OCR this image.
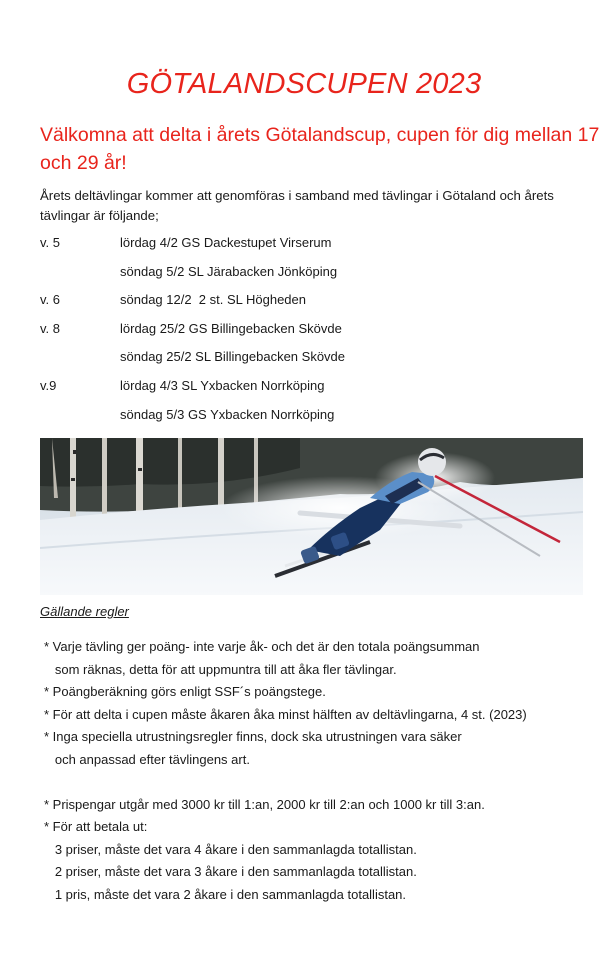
GÖTALANDSCUPEN 2023
Välkomna att delta i årets Götalandscup, cupen för dig mellan 17 och 29 år!
Årets deltävlingar kommer att genomföras i samband med tävlingar i Götaland och årets tävlingar är följande;
v. 5	lördag 4/2 GS Dackestupet Virserum
söndag 5/2 SL Järabacken Jönköping
v. 6	söndag 12/2  2 st. SL Högheden
v. 8	lördag 25/2 GS Billingebacken Skövde
söndag 25/2 SL Billingebacken Skövde
v.9	lördag 4/3 SL Yxbacken Norrköping
söndag 5/3 GS Yxbacken Norrköping
Gällande regler
* Varje tävling ger poäng- inte varje åk- och det är den totala poängsumman
som räknas, detta för att uppmuntra till att åka fler tävlingar.
* Poängberäkning görs enligt SSF´s poängstege.
* För att delta i cupen måste åkaren åka minst hälften av deltävlingarna, 4 st. (2023)
* Inga speciella utrustningsregler finns, dock ska utrustningen vara säker
och anpassad efter tävlingens art.
* Prispengar utgår med 3000 kr till 1:an, 2000 kr till 2:an och 1000 kr till 3:an.
* För att betala ut:
3 priser, måste det vara 4 åkare i den sammanlagda totallistan.
2 priser, måste det vara 3 åkare i den sammanlagda totallistan.
1 pris, måste det vara 2 åkare i den sammanlagda totallistan.
